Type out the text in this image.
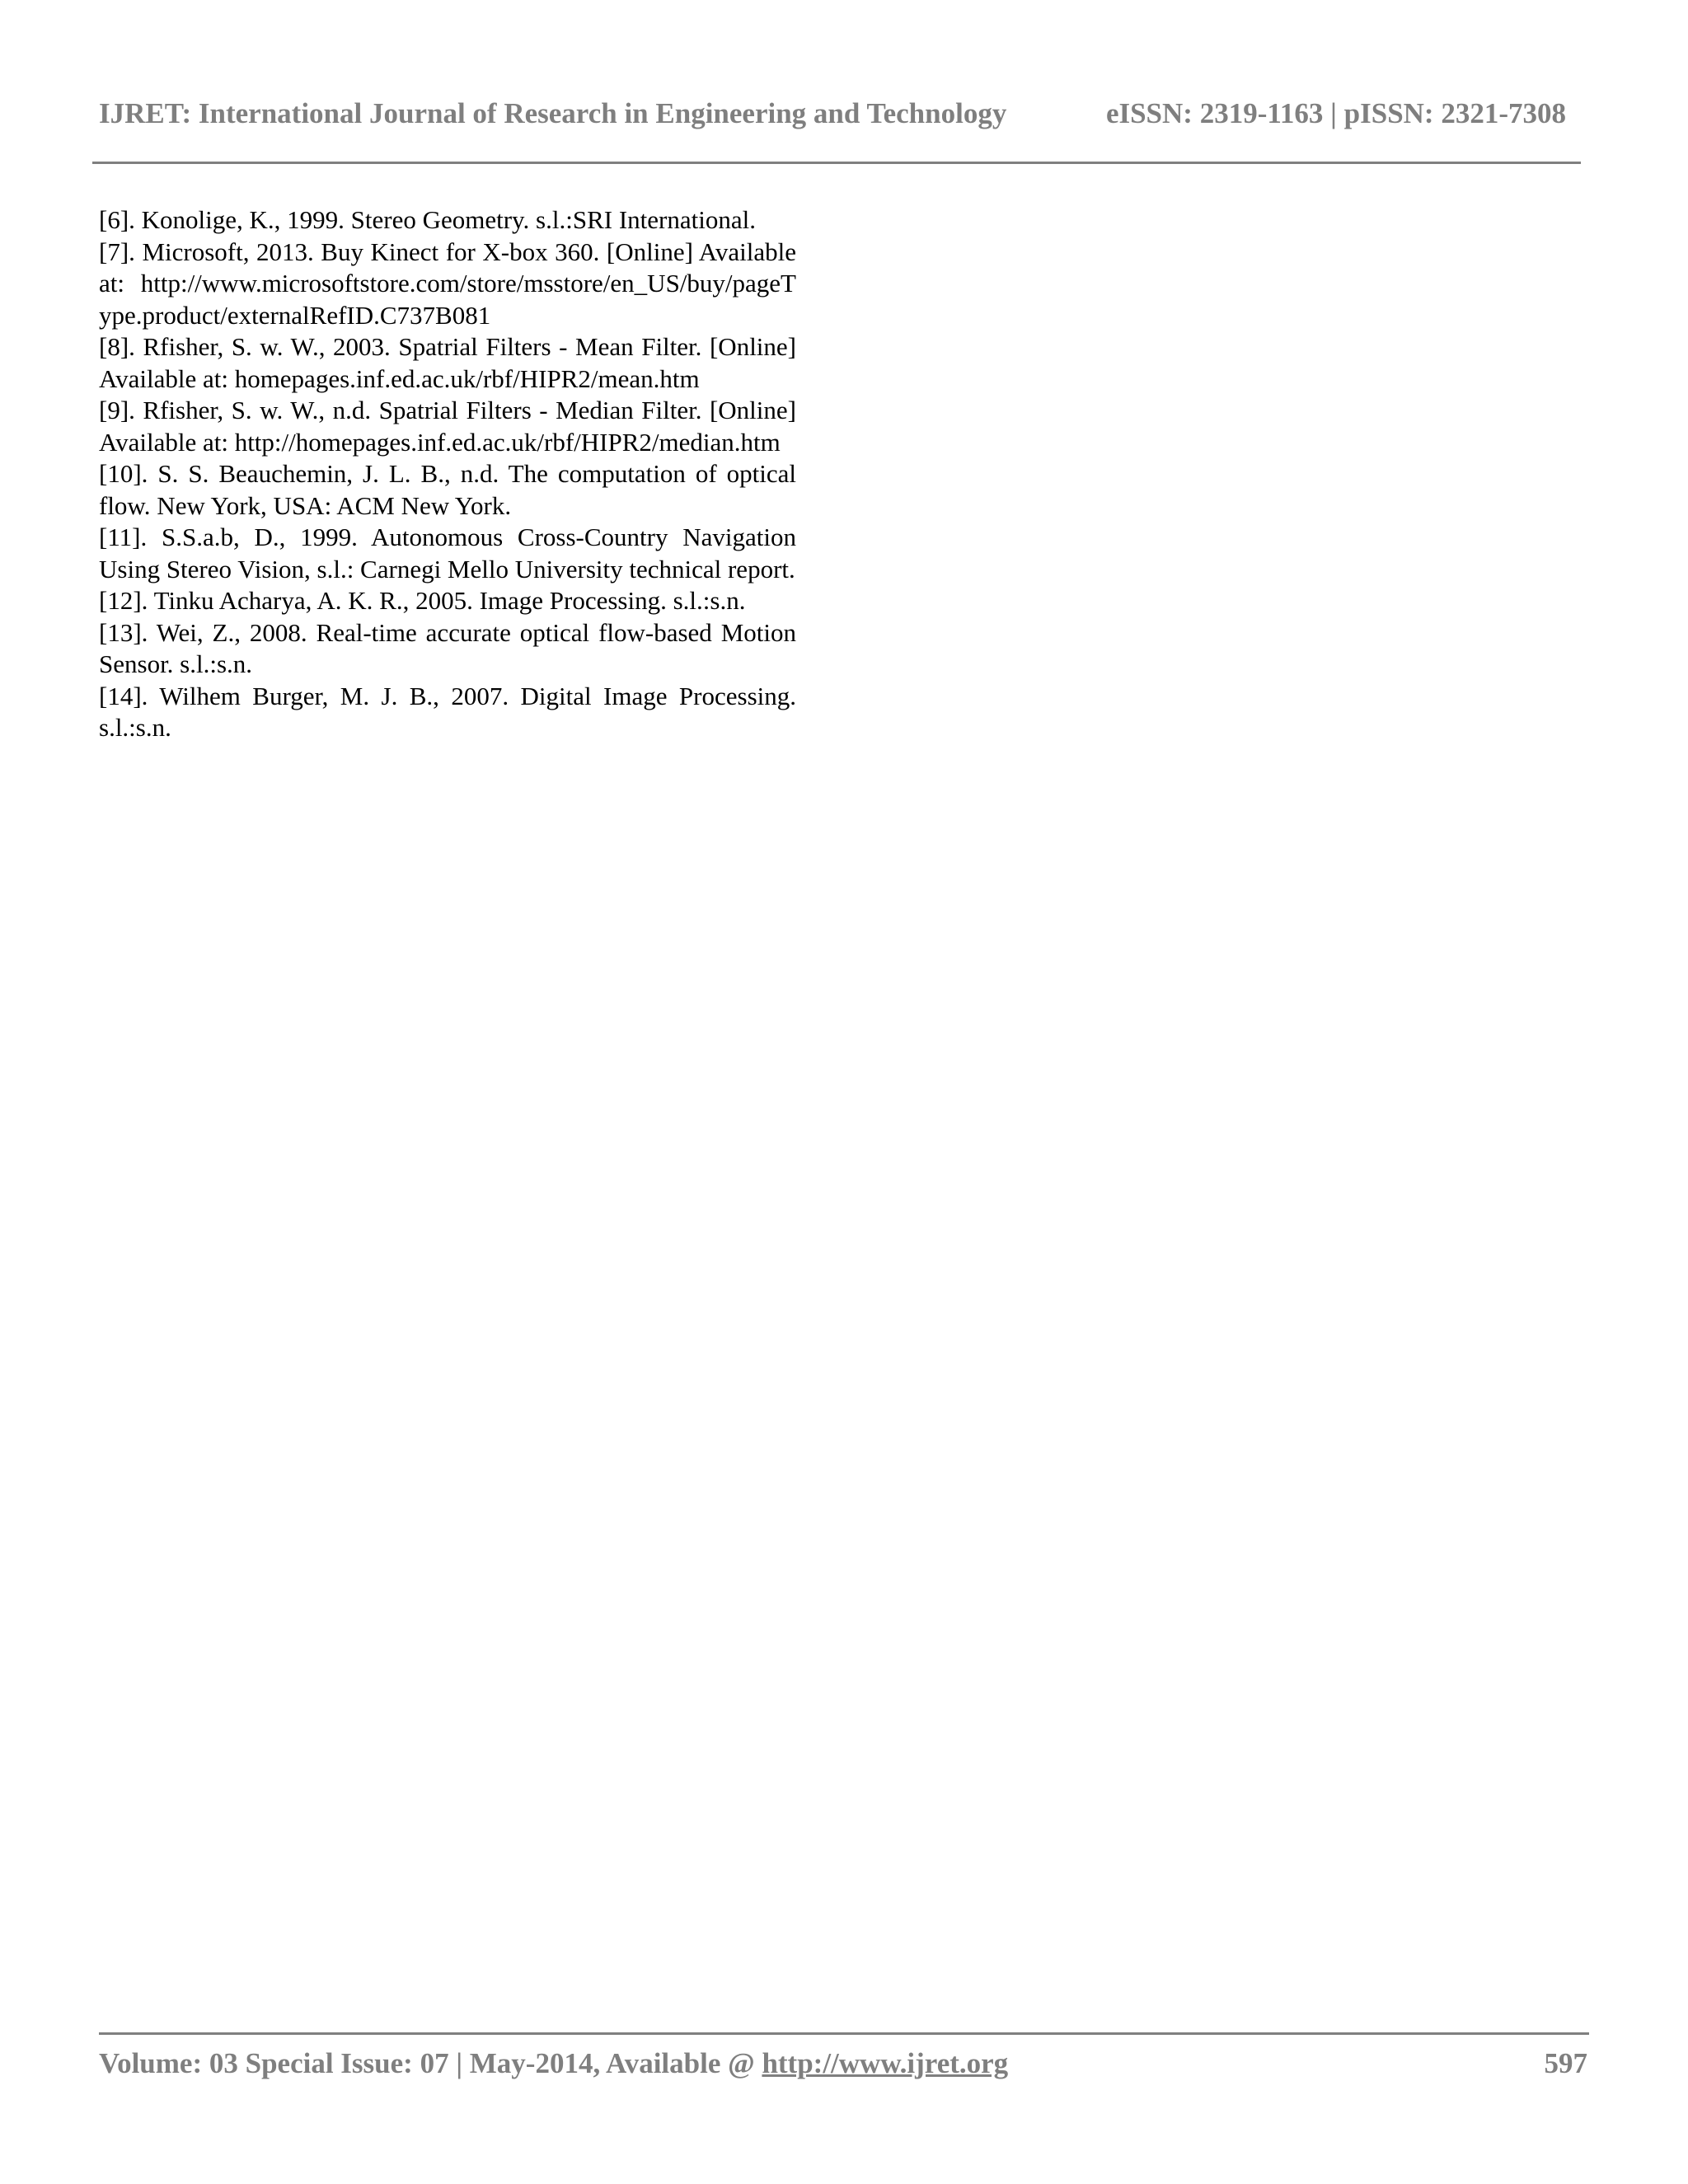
IJRET: International Journal of Research in Engineering and Technology	eISSN: 2319-1163 | pISSN: 2321-7308

[6]. Konolige, K., 1999. Stereo Geometry. s.l.:SRI International.

[7]. Microsoft, 2013. Buy Kinect for X-box 360. [Online] Available at: http://www.microsoftstore.com/store/msstore/en_US/buy/pageType.product/externalRefID.C737B081

[8]. Rfisher, S. w. W., 2003. Spatrial Filters - Mean Filter. [Online] Available at: homepages.inf.ed.ac.uk/rbf/HIPR2/mean.htm

[9]. Rfisher, S. w. W., n.d. Spatrial Filters - Median Filter. [Online] Available at: http://homepages.inf.ed.ac.uk/rbf/HIPR2/median.htm

[10]. S. S. Beauchemin, J. L. B., n.d. The computation of optical flow. New York, USA: ACM New York.

[11]. S.S.a.b, D., 1999. Autonomous Cross-Country Navigation Using Stereo Vision, s.l.: Carnegi Mello University technical report.

[12]. Tinku Acharya, A. K. R., 2005. Image Processing. s.l.:s.n.

[13]. Wei, Z., 2008. Real-time accurate optical flow-based Motion Sensor. s.l.:s.n.

[14]. Wilhem Burger, M. J. B., 2007. Digital Image Processing. s.l.:s.n.

Volume: 03 Special Issue: 07 | May-2014, Available @ http://www.ijret.org	597
